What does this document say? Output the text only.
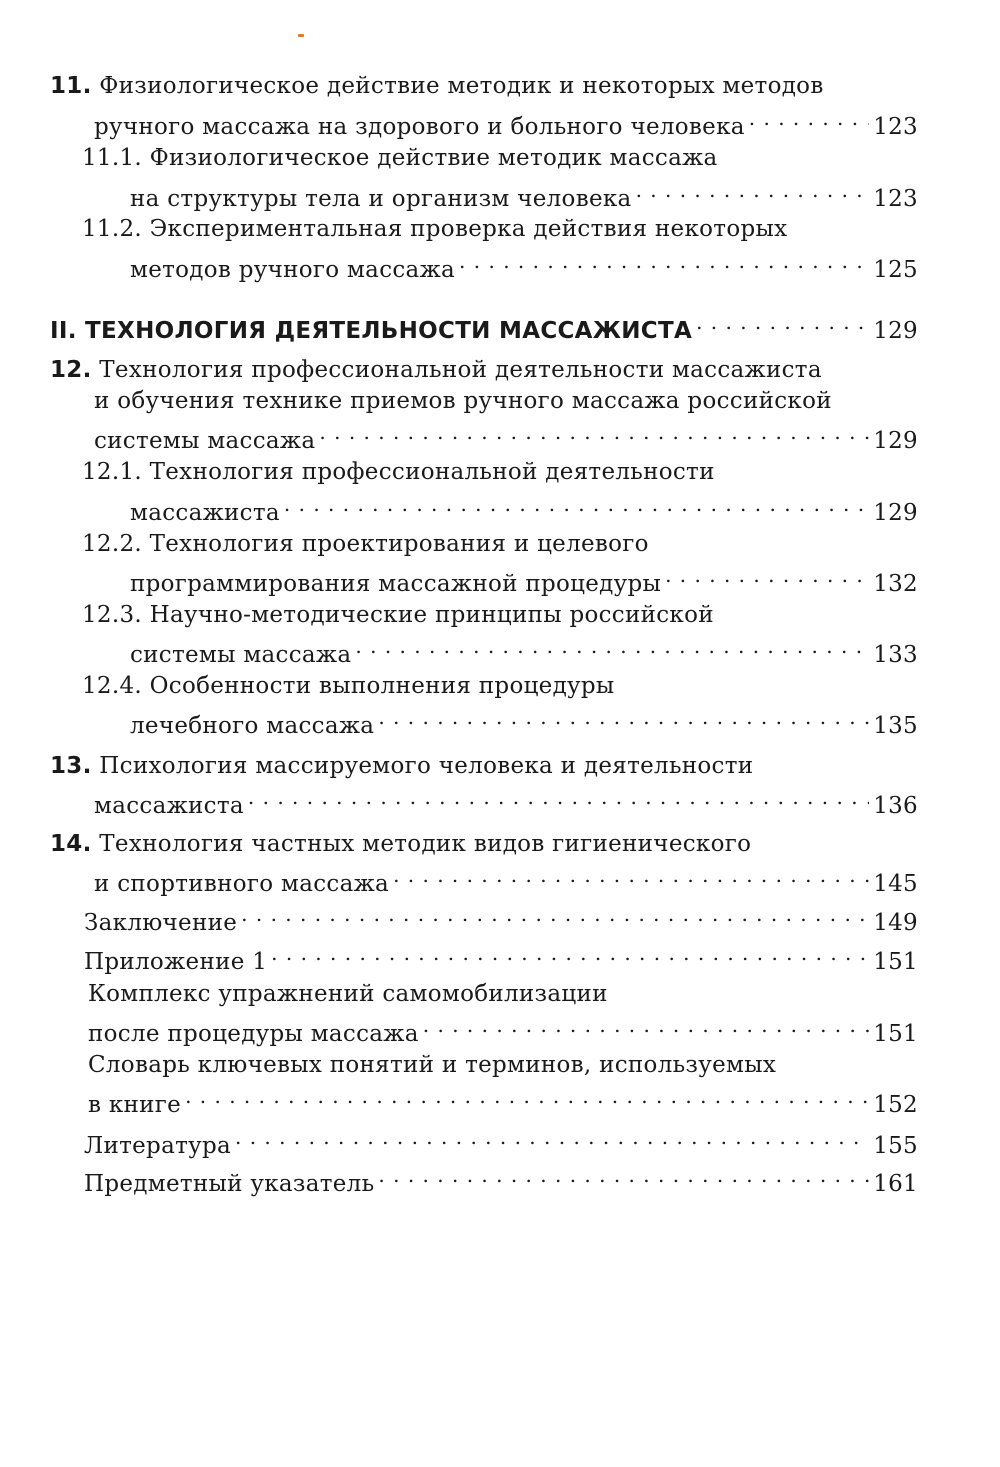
11. Физиологическое действие методик и некоторых методов
ручного массажа на здорового и больного человека . . .	123
11.1. Физиологическое действие методик массажа
на структуры тела и организм человека . . .	123
11.2. Экспериментальная проверка действия некоторых
методов ручного массажа . . .	125
II. ТЕХНОЛОГИЯ ДЕЯТЕЛЬНОСТИ МАССАЖИСТА . . .	129
12. Технология профессиональной деятельности массажиста
и обучения технике приемов ручного массажа российской
системы массажа . . .	129
12.1. Технология профессиональной деятельности
массажиста . . .	129
12.2. Технология проектирования и целевого
программирования массажной процедуры . . .	132
12.3. Научно-методические принципы российской
системы массажа . . .	133
12.4. Особенности выполнения процедуры
лечебного массажа . . .	135
13. Психология массируемого человека и деятельности
массажиста . . .	136
14. Технология частных методик видов гигиенического
и спортивного массажа . . .	145
Заключение . . .	149
Приложение 1 . . .	151
Комплекс упражнений самомобилизации
после процедуры массажа . . .	151
Словарь ключевых понятий и терминов, используемых
в книге . . .	152
Литература . . .	155
Предметный указатель . . .	161
